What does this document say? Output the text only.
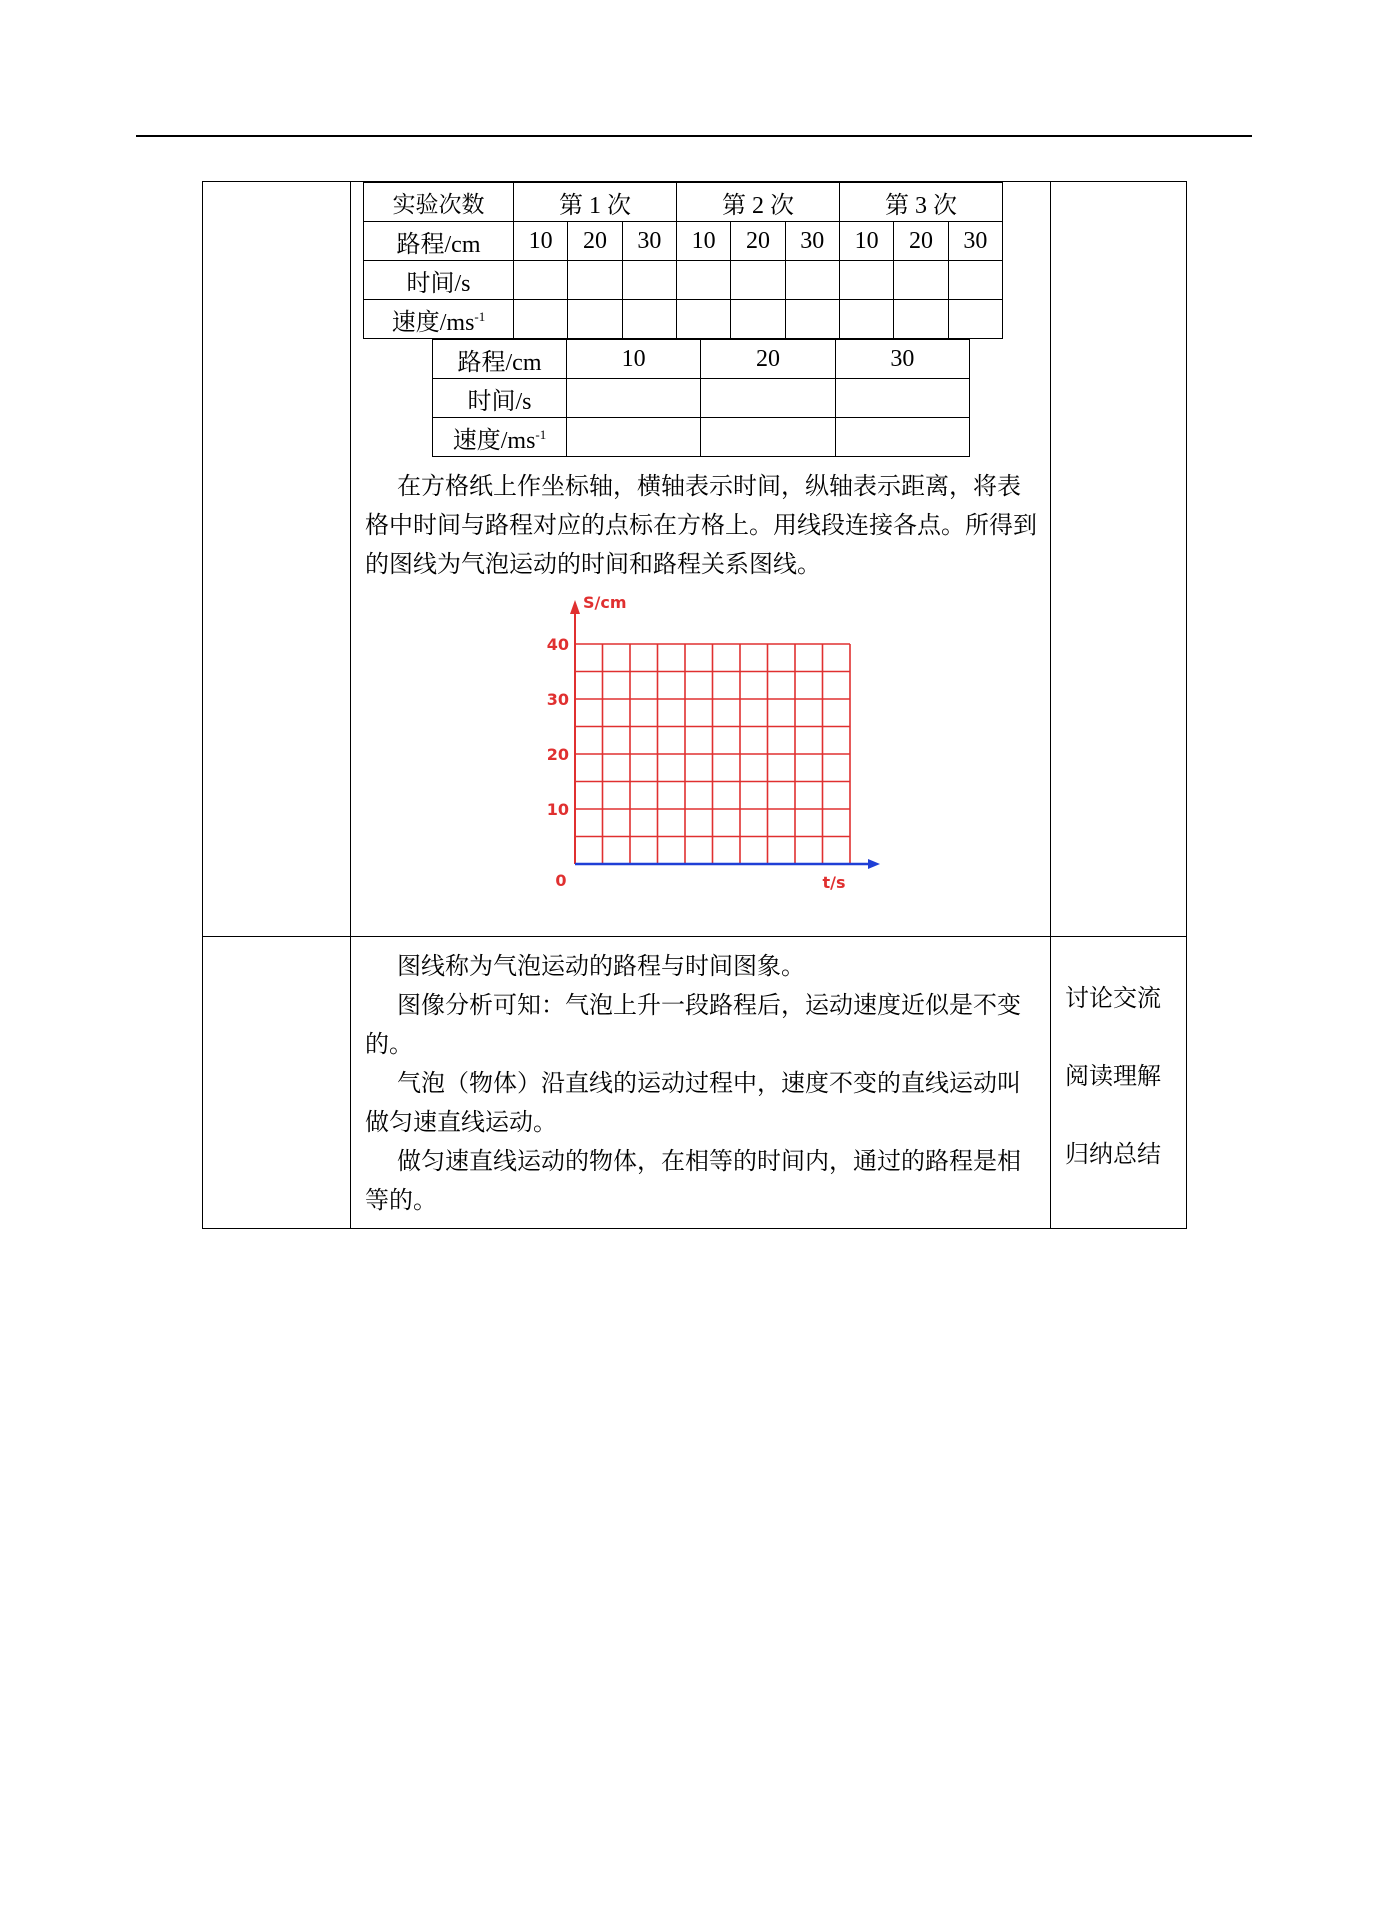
实验次数	第 1 次	第 2 次	第 3 次
路程/cm	10	20	30	10	20	30	10	20	30
时间/s									
速度$/ms^{-1}$									
路程/cm	10	20	30
时间/s			
速度$/ms^{-1}$			

在方格纸上作坐标轴，横轴表示时间，纵轴表示距离，将表格中时间与路程对应的点标在方格上。用线段连接各点。所得到的图线为气泡运动的时间和路程关系图线。

10
20
30
40
0
S/cm
t/s

图线称为气泡运动的路程与时间图象。

图像分析可知：气泡上升一段路程后，运动速度近似是不变的。

气泡（物体）沿直线的运动过程中，速度不变的直线运动叫做匀速直线运动。

做匀速直线运动的物体，在相等的时间内，通过的路程是相等的。

讨论交流
阅读理解
归纳总结
